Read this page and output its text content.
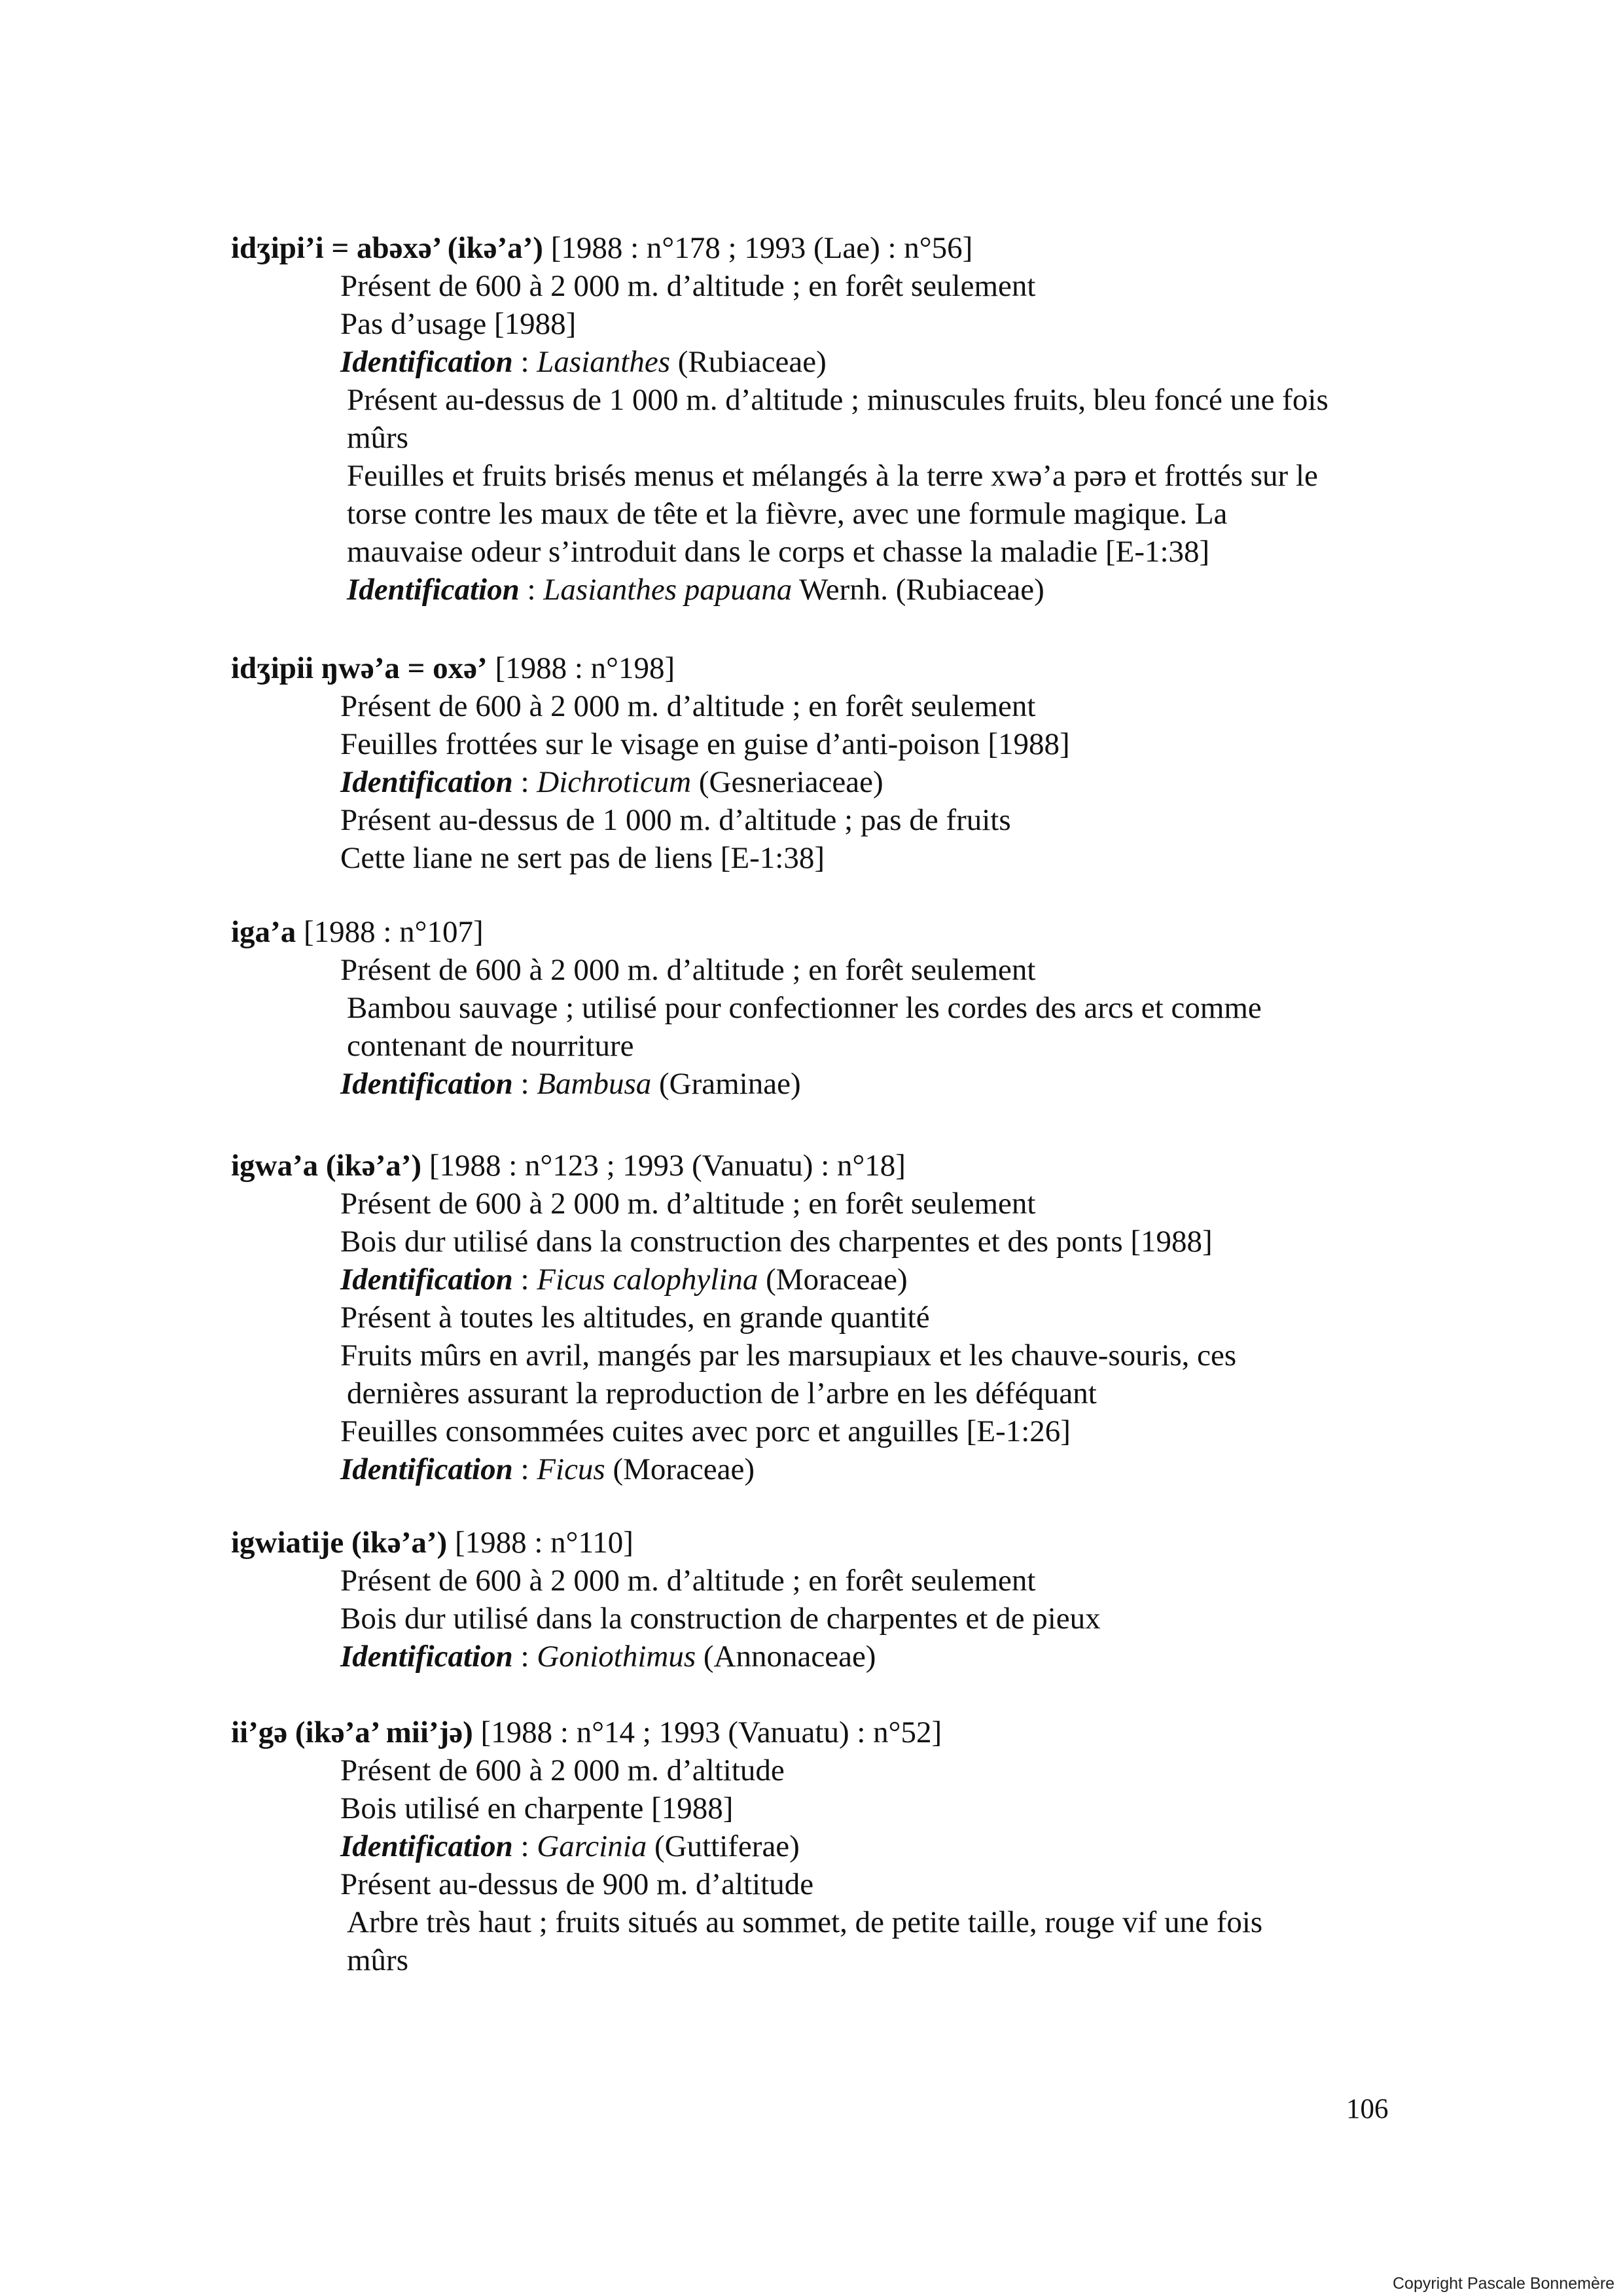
idʒipi’i = abəxə’ (ikə’a’) [1988 : n°178 ; 1993 (Lae) : n°56]
Présent de 600 à 2 000 m. d’altitude ; en forêt seulement
Pas d’usage [1988]
Identification : Lasianthes (Rubiaceae)
Présent au-dessus de 1 000 m. d’altitude ; minuscules fruits, bleu foncé une fois
mûrs
Feuilles et fruits brisés menus et mélangés à la terre xwə’a pərə et frottés sur le
torse contre les maux de tête et la fièvre, avec une formule magique. La
mauvaise odeur s’introduit dans le corps et chasse la maladie [E-1:38]
Identification : Lasianthes papuana Wernh. (Rubiaceae)
idʒipii ŋwə’a = oxə’ [1988 : n°198]
Présent de 600 à 2 000 m. d’altitude ; en forêt seulement
Feuilles frottées sur le visage en guise d’anti-poison [1988]
Identification : Dichroticum (Gesneriaceae)
Présent au-dessus de 1 000 m. d’altitude ; pas de fruits
Cette liane ne sert pas de liens [E-1:38]
iga’a [1988 : n°107]
Présent de 600 à 2 000 m. d’altitude ; en forêt seulement
Bambou sauvage ; utilisé pour confectionner les cordes des arcs et comme
contenant de nourriture
Identification : Bambusa (Graminae)
igwa’a (ikə’a’) [1988 : n°123 ; 1993 (Vanuatu) : n°18]
Présent de 600 à 2 000 m. d’altitude ; en forêt seulement
Bois dur utilisé dans la construction des charpentes et des ponts [1988]
Identification : Ficus calophylina (Moraceae)
Présent à toutes les altitudes, en grande quantité
Fruits mûrs en avril, mangés par les marsupiaux et les chauve-souris, ces
dernières assurant la reproduction de l’arbre en les déféquant
Feuilles consommées cuites avec porc et anguilles [E-1:26]
Identification : Ficus (Moraceae)
igwiatije (ikə’a’) [1988 : n°110]
Présent de 600 à 2 000 m. d’altitude ; en forêt seulement
Bois dur utilisé dans la construction de charpentes et de pieux
Identification : Goniothimus (Annonaceae)
ii’gə (ikə’a’ mii’jə) [1988 : n°14 ; 1993 (Vanuatu) : n°52]
Présent de 600 à 2 000 m. d’altitude
Bois utilisé en charpente [1988]
Identification : Garcinia (Guttiferae)
Présent au-dessus de 900 m. d’altitude
Arbre très haut ; fruits situés au sommet, de petite taille, rouge vif une fois
mûrs
106
Copyright Pascale Bonnemère
